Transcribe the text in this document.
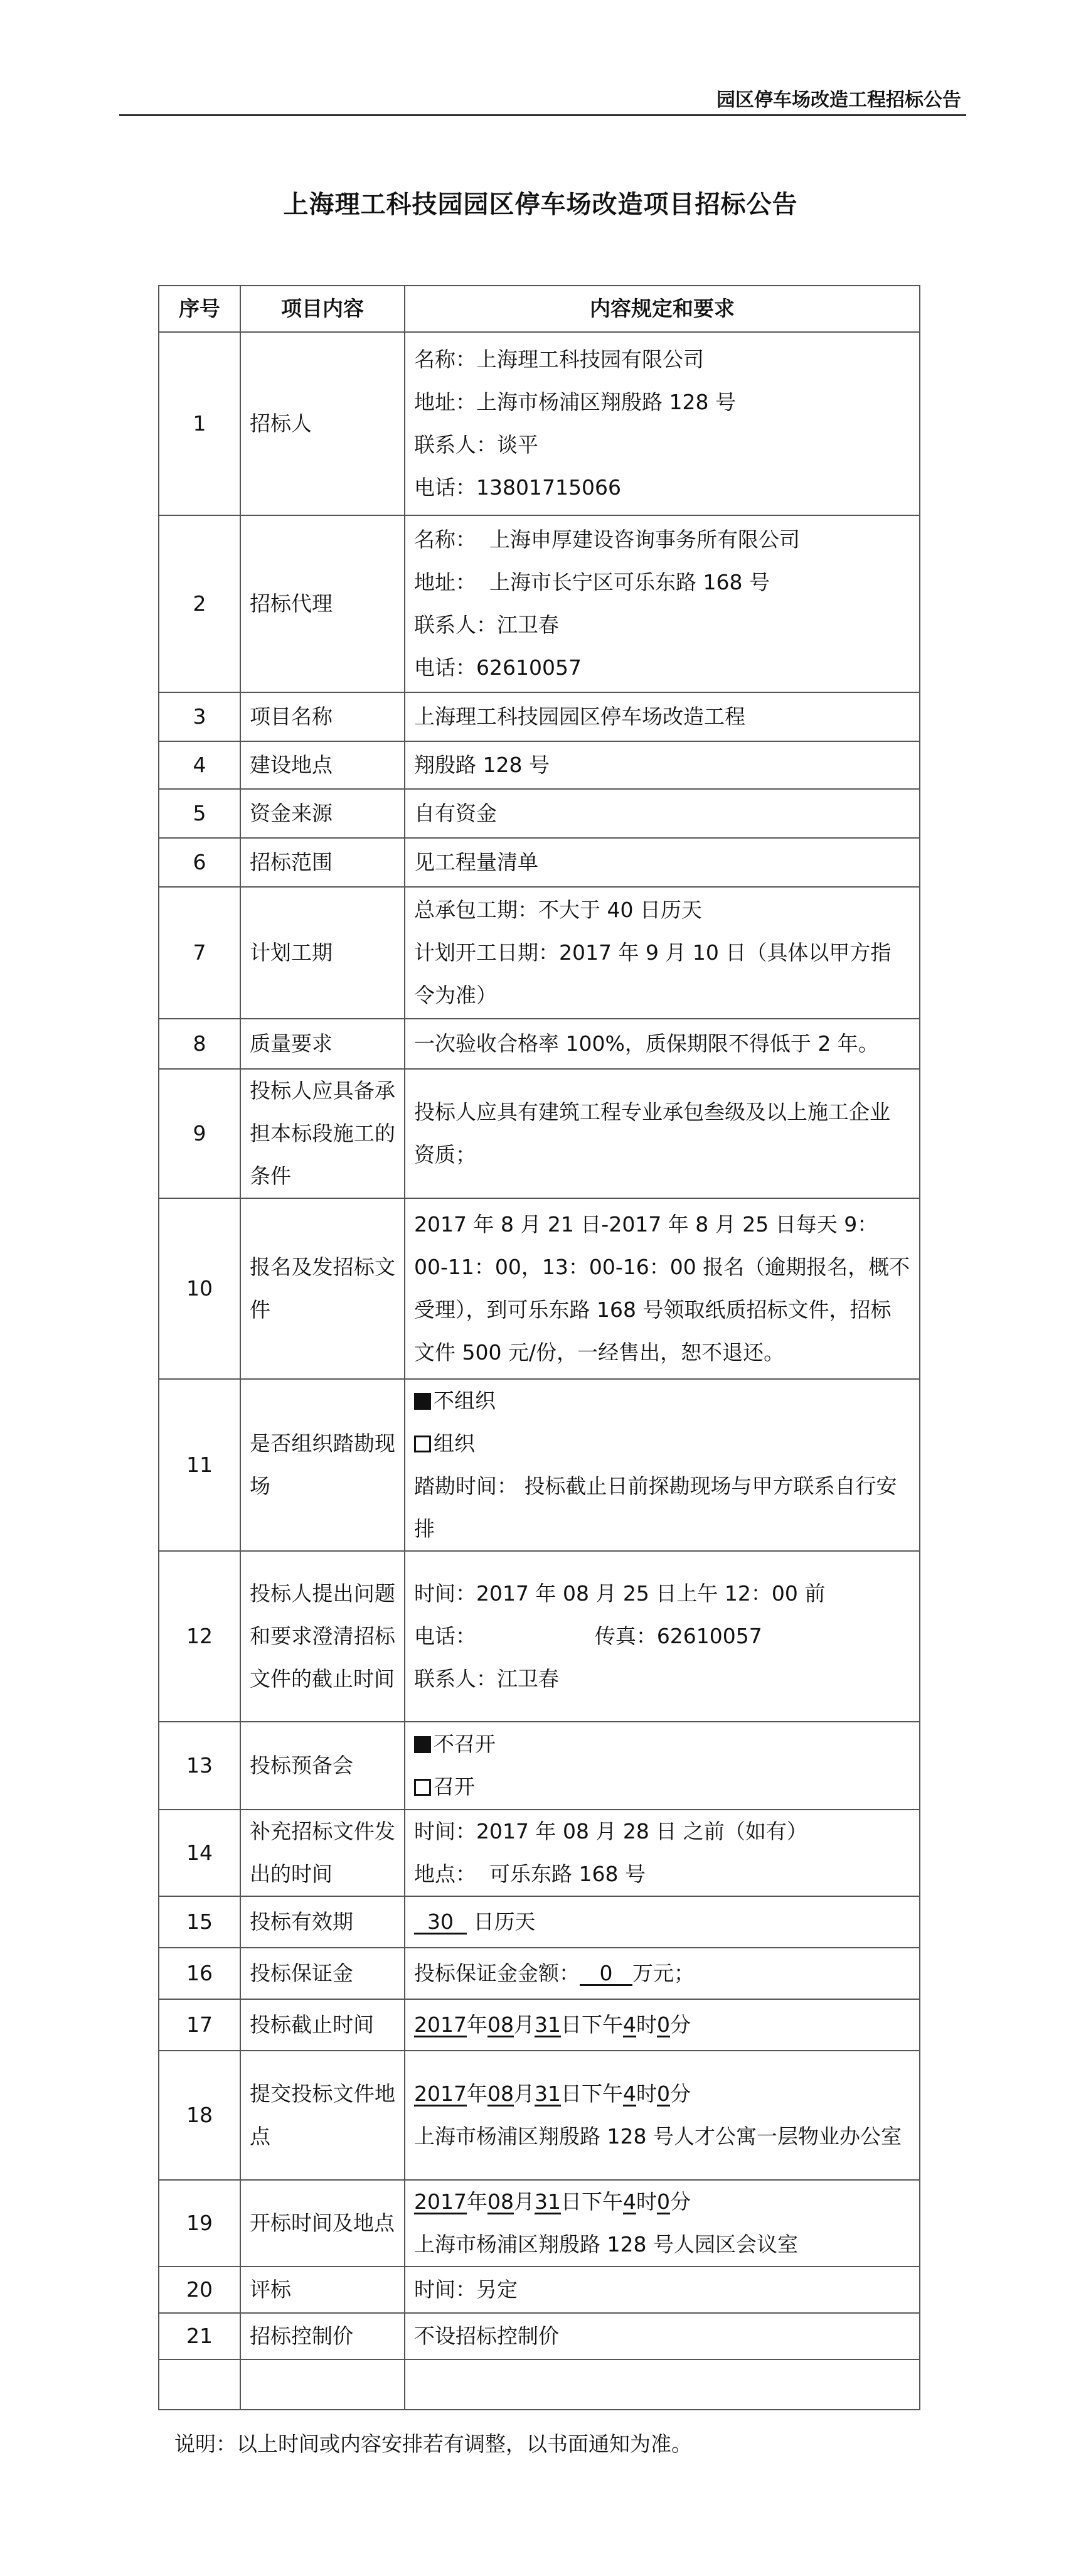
园区停车场改造工程招标公告
上海理工科技园园区停车场改造项目招标公告
序号	项目内容	内容规定和要求
1	招标人	名称：上海理工科技园有限公司
地址：上海市杨浦区翔殷路 128 号
联系人：谈平
电话：13801715066

2	招标代理	名称：  上海申厚建设咨询事务所有限公司
地址：  上海市长宁区可乐东路 168 号
联系人：江卫春
电话：62610057

3	项目名称	上海理工科技园园区停车场改造工程
4	建设地点	翔殷路 128 号
5	资金来源	自有资金
6	招标范围	见工程量清单
7	计划工期	总承包工期：不大于 40 日历天
计划开工日期：2017 年 9 月 10 日（具体以甲方指令为准）

8	质量要求	一次验收合格率 100%，质保期限不得低于 2 年。
9	投标人应具备承担本标段施工的条件	投标人应具有建筑工程专业承包叁级及以上施工企业资质；
10	报名及发招标文件	2017 年 8 月 21 日-2017 年 8 月 25 日每天 9：00-11：00，13：00-16：00 报名（逾期报名，概不受理），到可乐东路 168 号领取纸质招标文件，招标文件 500 元/份，一经售出，恕不退还。
11	是否组织踏勘现场	不组织
组织
踏勘时间： 投标截止日前探勘现场与甲方联系自行安排

12	投标人提出问题和要求澄清招标文件的截止时间	时间：2017 年 08 月 25 日上午 12：00 前
电话：                  传真：62610057
联系人：江卫春

13	投标预备会	不召开
召开

14	补充招标文件发出的时间	时间：2017 年 08 月 28 日 之前（如有）
地点：  可乐东路 168 号

15	投标有效期	30   日历天
16	投标保证金	投标保证金金额： 0 万元；
17	投标截止时间	2017年08月31日下午4时0分

18	提交投标文件地点	2017年08月31日下午4时0分
上海市杨浦区翔殷路 128 号人才公寓一层物业办公室

19	开标时间及地点	2017年08月31日下午4时0分
上海市杨浦区翔殷路 128 号人园区会议室

20	评标	时间：另定
21	招标控制价	不设招标控制价

说明：以上时间或内容安排若有调整，以书面通知为准。
